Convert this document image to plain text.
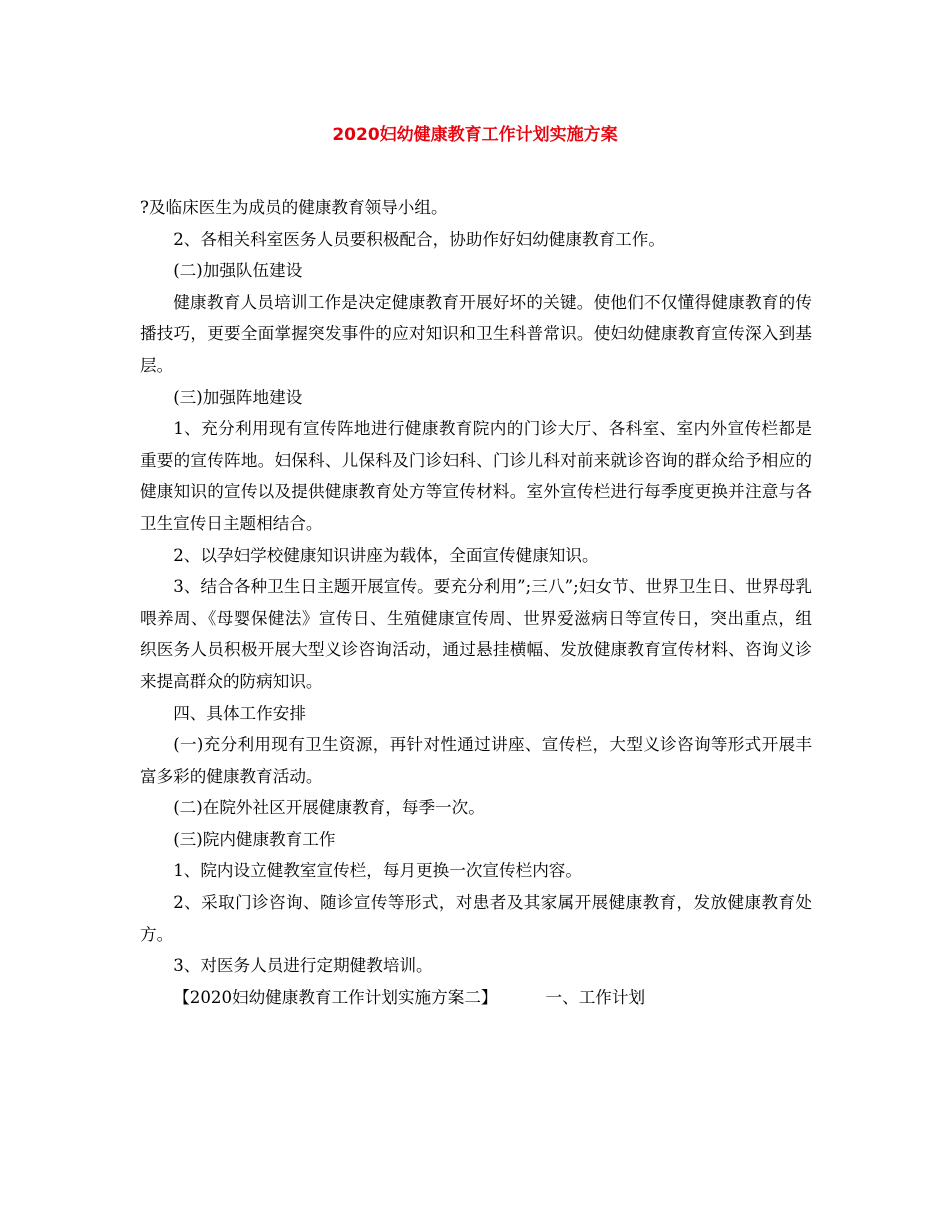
2020妇幼健康教育工作计划实施方案

?及临床医生为成员的健康教育领导小组。

2、各相关科室医务人员要积极配合，协助作好妇幼健康教育工作。

(二)加强队伍建设

健康教育人员培训工作是决定健康教育开展好坏的关键。使他们不仅懂得健康教育的传播技巧，更要全面掌握突发事件的应对知识和卫生科普常识。使妇幼健康教育宣传深入到基层。

(三)加强阵地建设

1、充分利用现有宣传阵地进行健康教育院内的门诊大厅、各科室、室内外宣传栏都是重要的宣传阵地。妇保科、儿保科及门诊妇科、门诊儿科对前来就诊咨询的群众给予相应的健康知识的宣传以及提供健康教育处方等宣传材料。室外宣传栏进行每季度更换并注意与各卫生宣传日主题相结合。

2、以孕妇学校健康知识讲座为载体，全面宣传健康知识。

3、结合各种卫生日主题开展宣传。要充分利用”;三八”;妇女节、世界卫生日、世界母乳喂养周、《母婴保健法》宣传日、生殖健康宣传周、世界爱滋病日等宣传日，突出重点，组织医务人员积极开展大型义诊咨询活动，通过悬挂横幅、发放健康教育宣传材料、咨询义诊来提高群众的防病知识。

四、具体工作安排

(一)充分利用现有卫生资源，再针对性通过讲座、宣传栏，大型义诊咨询等形式开展丰富多彩的健康教育活动。

(二)在院外社区开展健康教育，每季一次。

(三)院内健康教育工作

1、院内设立健教室宣传栏，每月更换一次宣传栏内容。

2、采取门诊咨询、随诊宣传等形式，对患者及其家属开展健康教育，发放健康教育处方。

3、对医务人员进行定期健教培训。

【2020妇幼健康教育工作计划实施方案二】	一、工作计划
